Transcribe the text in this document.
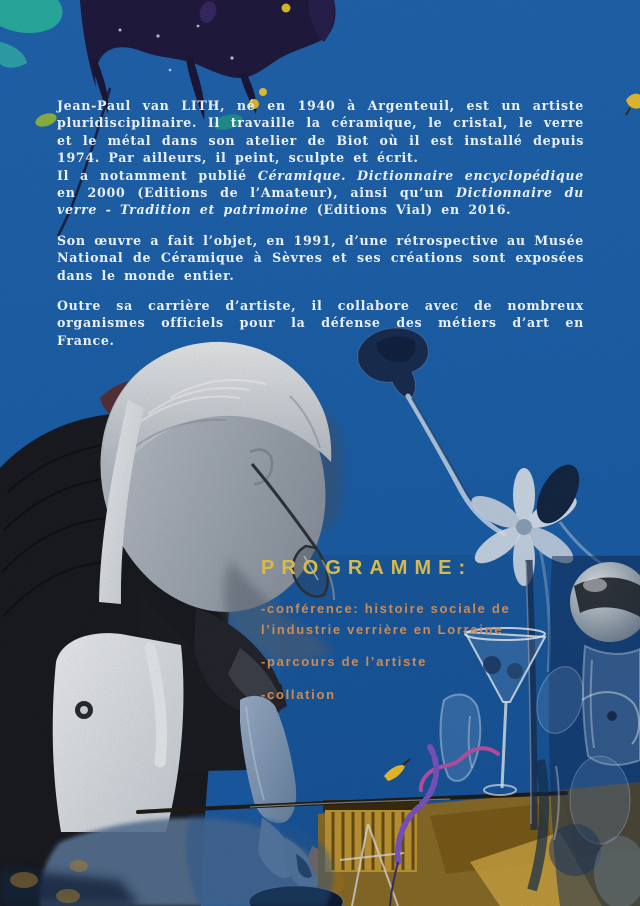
Jean-Paul van LITH, né en 1940 à Argenteuil, est un artiste pluridisciplinaire. Il travaille la céramique, le cristal, le verre et le métal dans son atelier de Biot où il est installé depuis 1974. Par ailleurs, il peint, sculpte et écrit.

Il a notamment publié Céramique. Dictionnaire encyclopédique en 2000 (Editions de l’Amateur), ainsi qu’un Dictionnaire du verre - Tradition et patrimoine (Editions Vial) en 2016.

Son œuvre a fait l’objet, en 1991, d’une rétrospective au Musée National de Céramique à Sèvres et ses créations sont exposées dans le monde entier.

Outre sa carrière d’artiste, il collabore avec de nombreux organismes officiels pour la défense des métiers d’art en France.

PROGRAMME:

-conférence: histoire sociale de l’industrie verrière en Lorraine

-parcours de l’artiste

-collation
